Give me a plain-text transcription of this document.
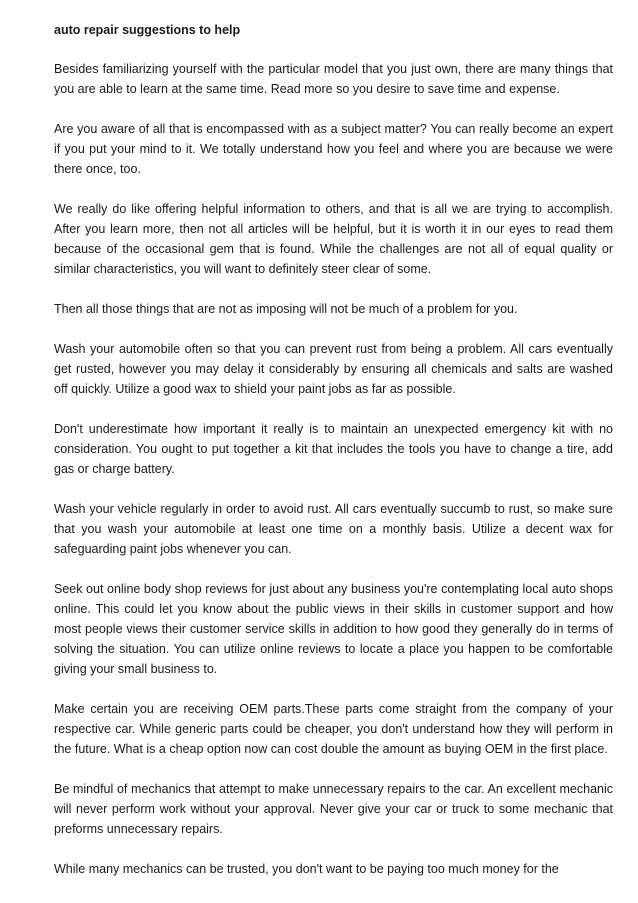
auto repair suggestions to help

Besides familiarizing yourself with the particular model that you just own, there are many things that you are able to learn at the same time. Read more so you desire to save time and expense.

Are you aware of all that is encompassed with as a subject matter? You can really become an expert if you put your mind to it. We totally understand how you feel and where you are because we were there once, too.

We really do like offering helpful information to others, and that is all we are trying to accomplish. After you learn more, then not all articles will be helpful, but it is worth it in our eyes to read them because of the occasional gem that is found. While the challenges are not all of equal quality or similar characteristics, you will want to definitely steer clear of some.

Then all those things that are not as imposing will not be much of a problem for you.

Wash your automobile often so that you can prevent rust from being a problem. All cars eventually get rusted, however you may delay it considerably by ensuring all chemicals and salts are washed off quickly. Utilize a good wax to shield your paint jobs as far as possible.

Don't underestimate how important it really is to maintain an unexpected emergency kit with no consideration. You ought to put together a kit that includes the tools you have to change a tire, add gas or charge battery.

Wash your vehicle regularly in order to avoid rust. All cars eventually succumb to rust, so make sure that you wash your automobile at least one time on a monthly basis. Utilize a decent wax for safeguarding paint jobs whenever you can.

Seek out online body shop reviews for just about any business you're contemplating local auto shops online. This could let you know about the public views in their skills in customer support and how most people views their customer service skills in addition to how good they generally do in terms of solving the situation. You can utilize online reviews to locate a place you happen to be comfortable giving your small business to.

Make certain you are receiving OEM parts.These parts come straight from the company of your respective car. While generic parts could be cheaper, you don't understand how they will perform in the future. What is a cheap option now can cost double the amount as buying OEM in the first place.

Be mindful of mechanics that attempt to make unnecessary repairs to the car. An excellent mechanic will never perform work without your approval. Never give your car or truck to some mechanic that preforms unnecessary repairs.

While many mechanics can be trusted, you don't want to be paying too much money for the
